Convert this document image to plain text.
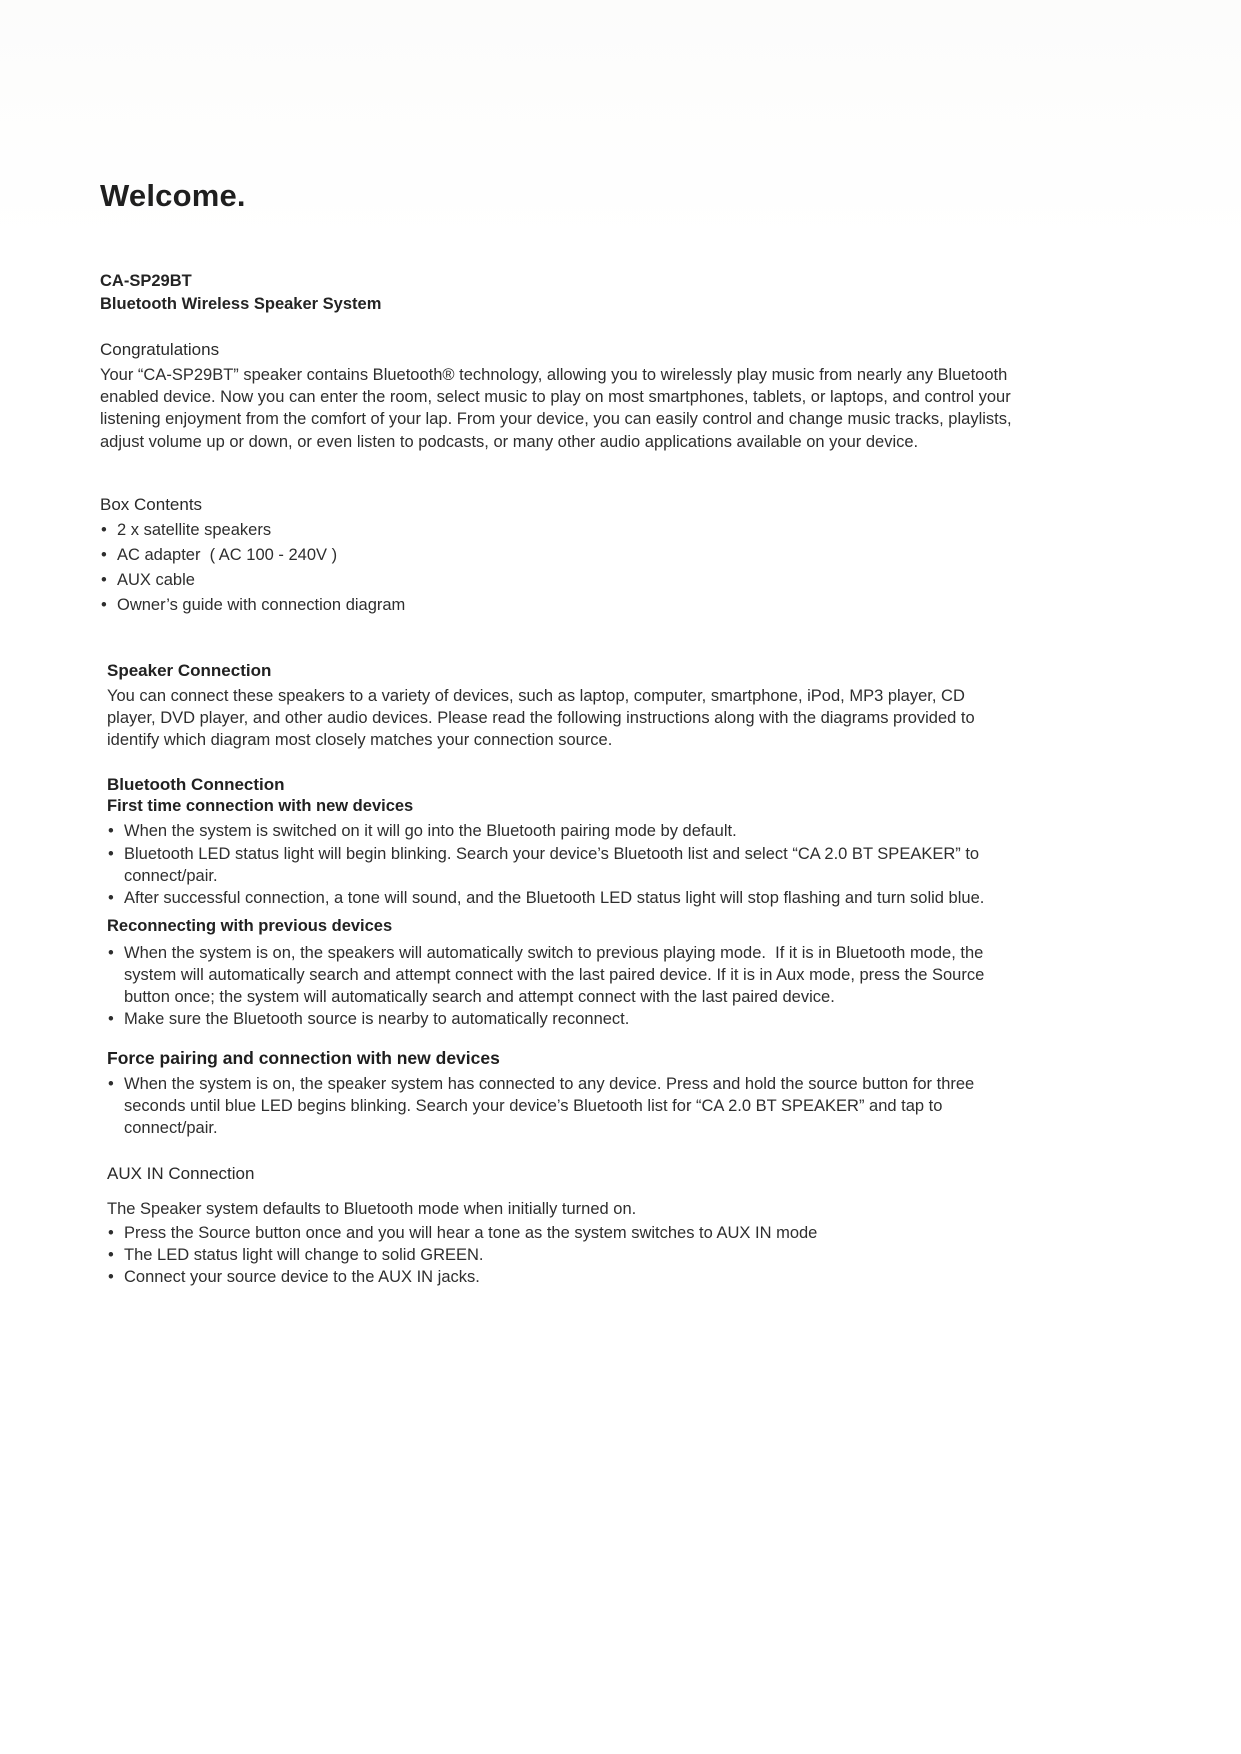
Welcome.
CA-SP29BT
Bluetooth Wireless Speaker System
Congratulations

Your “CA-SP29BT” speaker contains Bluetooth® technology, allowing you to wirelessly play music from nearly any Bluetooth enabled device. Now you can enter the room, select music to play on most smartphones, tablets, or laptops, and control your listening enjoyment from the comfort of your lap. From your device, you can easily control and change music tracks, playlists, adjust volume up or down, or even listen to podcasts, or many other audio applications available on your device.

Box Contents
• 2 x satellite speakers
• AC adapter  ( AC 100 - 240V )
• AUX cable
• Owner’s guide with connection diagram
Speaker Connection

You can connect these speakers to a variety of devices, such as laptop, computer, smartphone, iPod, MP3 player, CD player, DVD player, and other audio devices. Please read the following instructions along with the diagrams provided to identify which diagram most closely matches your connection source.

Bluetooth Connection
First time connection with new devices
• When the system is switched on it will go into the Bluetooth pairing mode by default.
• Bluetooth LED status light will begin blinking. Search your device’s Bluetooth list and select “CA 2.0 BT SPEAKER” to connect/pair.
• After successful connection, a tone will sound, and the Bluetooth LED status light will stop flashing and turn solid blue.
Reconnecting with previous devices
• When the system is on, the speakers will automatically switch to previous playing mode.  If it is in Bluetooth mode, the system will automatically search and attempt connect with the last paired device. If it is in Aux mode, press the Source button once; the system will automatically search and attempt connect with the last paired device.
• Make sure the Bluetooth source is nearby to automatically reconnect.
Force pairing and connection with new devices
• When the system is on, the speaker system has connected to any device. Press and hold the source button for three seconds until blue LED begins blinking. Search your device’s Bluetooth list for “CA 2.0 BT SPEAKER” and tap to connect/pair.
AUX IN Connection

The Speaker system defaults to Bluetooth mode when initially turned on.

• Press the Source button once and you will hear a tone as the system switches to AUX IN mode
• The LED status light will change to solid GREEN.
• Connect your source device to the AUX IN jacks.
